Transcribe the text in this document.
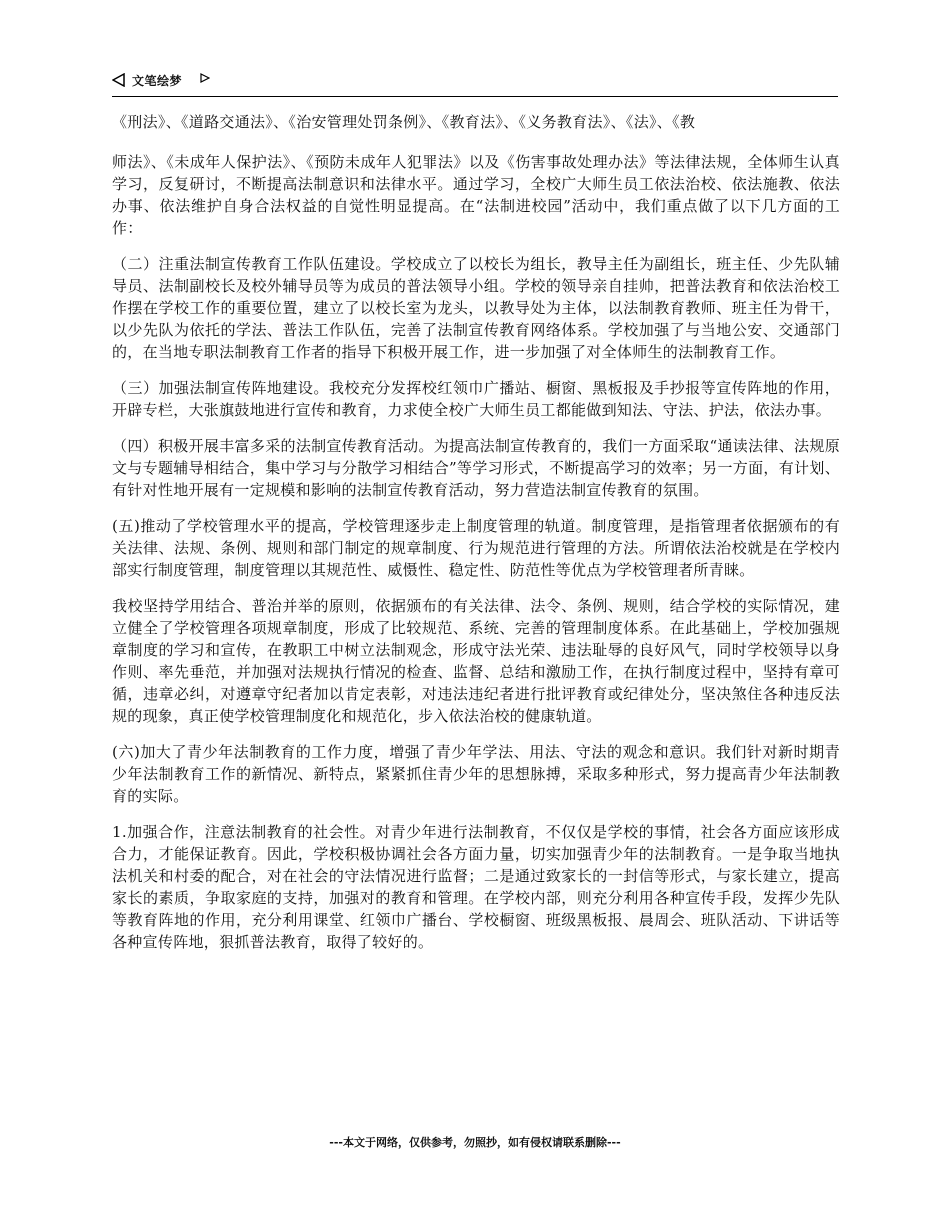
文笔绘梦

《刑法》、《道路交通法》、《治安管理处罚条例》、《教育法》、《义务教育法》、《法》、《教

师法》、《未成年人保护法》、《预防未成年人犯罪法》以及《伤害事故处理办法》等法律法规，全体师生认真学习，反复研讨，不断提高法制意识和法律水平。通过学习，全校广大师生员工依法治校、依法施教、依法办事、依法维护自身合法权益的自觉性明显提高。在“法制进校园”活动中，我们重点做了以下几方面的工作：

（二）注重法制宣传教育工作队伍建设。学校成立了以校长为组长，教导主任为副组长，班主任、少先队辅导员、法制副校长及校外辅导员等为成员的普法领导小组。学校的领导亲自挂帅，把普法教育和依法治校工作摆在学校工作的重要位置，建立了以校长室为龙头，以教导处为主体，以法制教育教师、班主任为骨干，以少先队为依托的学法、普法工作队伍，完善了法制宣传教育网络体系。学校加强了与当地公安、交通部门的，在当地专职法制教育工作者的指导下积极开展工作，进一步加强了对全体师生的法制教育工作。

（三）加强法制宣传阵地建设。我校充分发挥校红领巾广播站、橱窗、黑板报及手抄报等宣传阵地的作用，开辟专栏，大张旗鼓地进行宣传和教育，力求使全校广大师生员工都能做到知法、守法、护法，依法办事。

（四）积极开展丰富多采的法制宣传教育活动。为提高法制宣传教育的，我们一方面采取“通读法律、法规原文与专题辅导相结合，集中学习与分散学习相结合”等学习形式，不断提高学习的效率；另一方面，有计划、有针对性地开展有一定规模和影响的法制宣传教育活动，努力营造法制宣传教育的氛围。

(五)推动了学校管理水平的提高，学校管理逐步走上制度管理的轨道。制度管理，是指管理者依据颁布的有关法律、法规、条例、规则和部门制定的规章制度、行为规范进行管理的方法。所谓依法治校就是在学校内部实行制度管理，制度管理以其规范性、威慑性、稳定性、防范性等优点为学校管理者所青睐。

我校坚持学用结合、普治并举的原则，依据颁布的有关法律、法令、条例、规则，结合学校的实际情况，建立健全了学校管理各项规章制度，形成了比较规范、系统、完善的管理制度体系。在此基础上，学校加强规章制度的学习和宣传，在教职工中树立法制观念，形成守法光荣、违法耻辱的良好风气，同时学校领导以身作则、率先垂范，并加强对法规执行情况的检查、监督、总结和激励工作，在执行制度过程中，坚持有章可循，违章必纠，对遵章守纪者加以肯定表彰，对违法违纪者进行批评教育或纪律处分，坚决煞住各种违反法规的现象，真正使学校管理制度化和规范化，步入依法治校的健康轨道。

(六)加大了青少年法制教育的工作力度，增强了青少年学法、用法、守法的观念和意识。我们针对新时期青少年法制教育工作的新情况、新特点，紧紧抓住青少年的思想脉搏，采取多种形式，努力提高青少年法制教育的实际。

1.加强合作，注意法制教育的社会性。对青少年进行法制教育，不仅仅是学校的事情，社会各方面应该形成合力，才能保证教育。因此，学校积极协调社会各方面力量，切实加强青少年的法制教育。一是争取当地执法机关和村委的配合，对在社会的守法情况进行监督；二是通过致家长的一封信等形式，与家长建立，提高家长的素质，争取家庭的支持，加强对的教育和管理。在学校内部，则充分利用各种宣传手段，发挥少先队等教育阵地的作用，充分利用课堂、红领巾广播台、学校橱窗、班级黑板报、晨周会、班队活动、下讲话等各种宣传阵地，狠抓普法教育，取得了较好的。

---本文于网络，仅供参考，勿照抄，如有侵权请联系删除---
